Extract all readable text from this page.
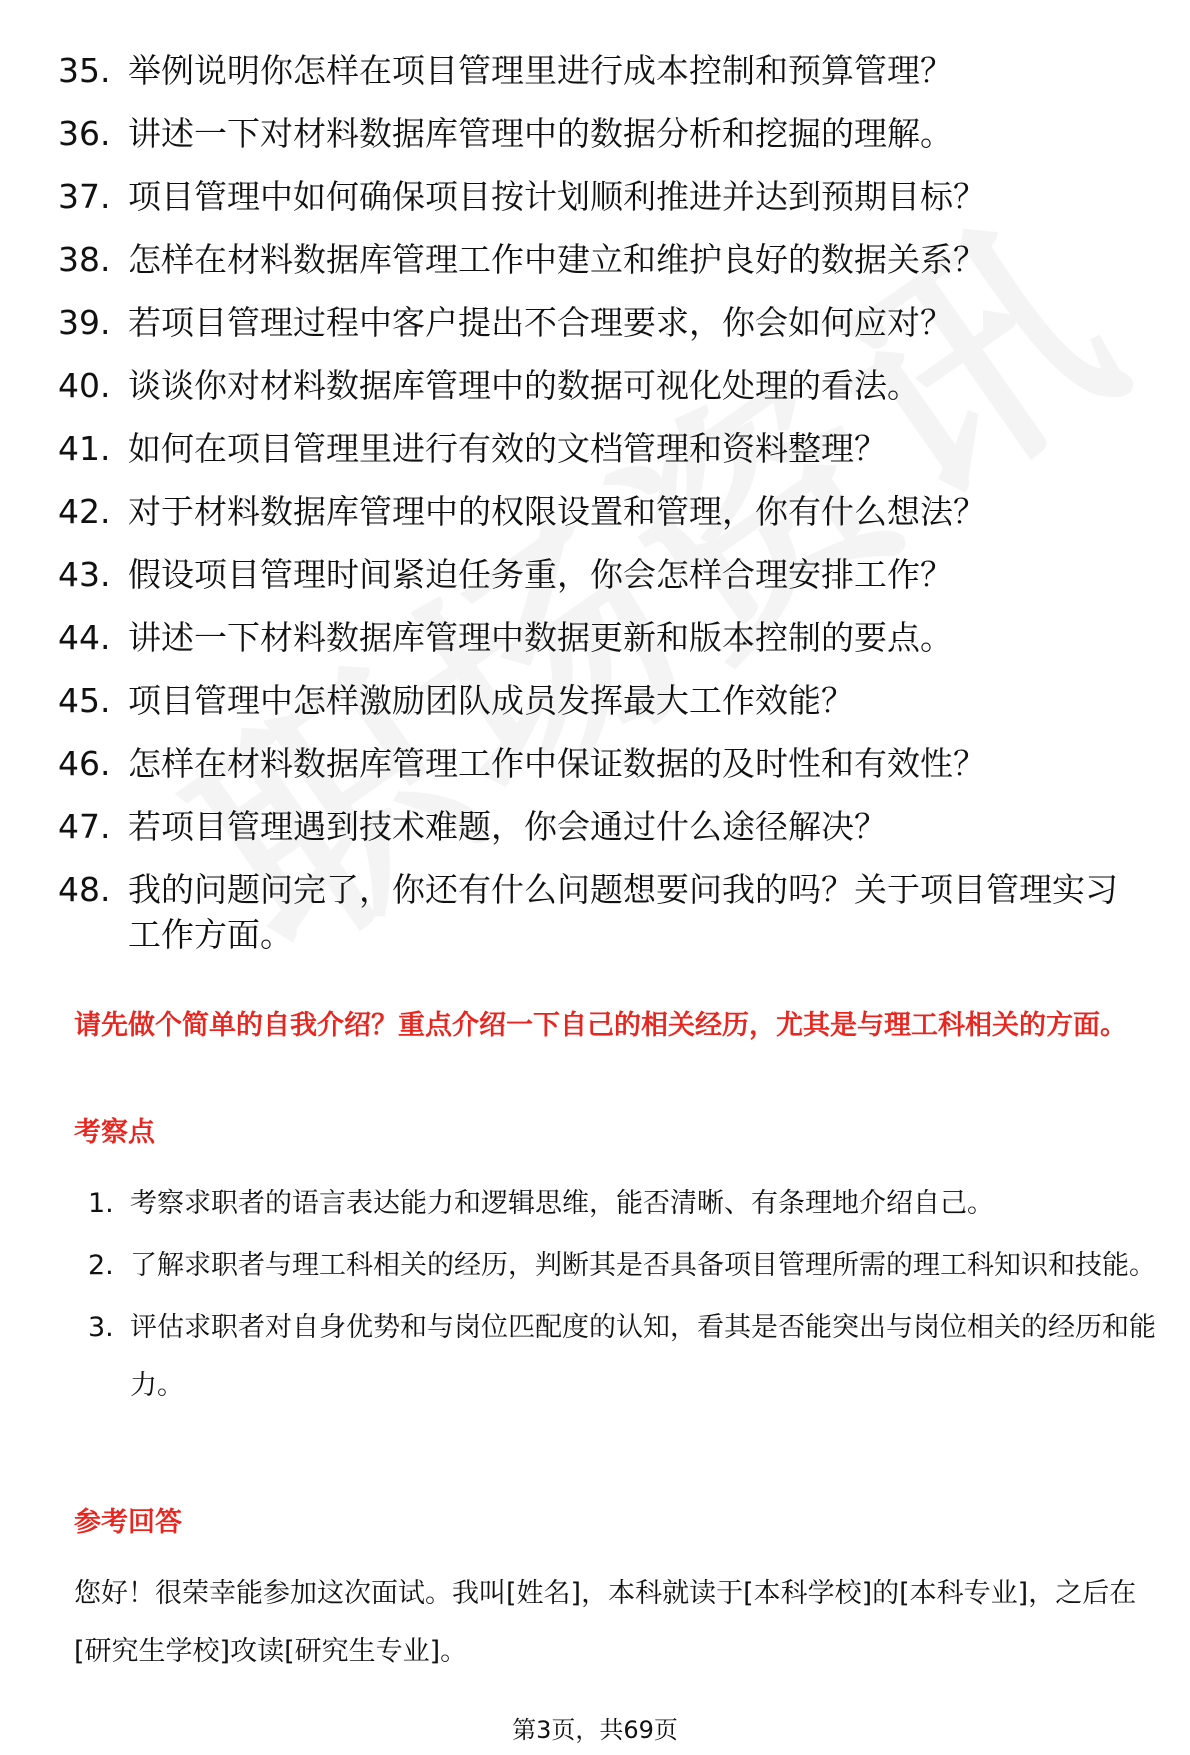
35. 举例说明你怎样在项目管理里进行成本控制和预算管理？
36. 讲述一下对材料数据库管理中的数据分析和挖掘的理解。
37. 项目管理中如何确保项目按计划顺利推进并达到预期目标？
38. 怎样在材料数据库管理工作中建立和维护良好的数据关系？
39. 若项目管理过程中客户提出不合理要求，你会如何应对？
40. 谈谈你对材料数据库管理中的数据可视化处理的看法。
41. 如何在项目管理里进行有效的文档管理和资料整理？
42. 对于材料数据库管理中的权限设置和管理，你有什么想法？
43. 假设项目管理时间紧迫任务重，你会怎样合理安排工作？
44. 讲述一下材料数据库管理中数据更新和版本控制的要点。
45. 项目管理中怎样激励团队成员发挥最大工作效能？
46. 怎样在材料数据库管理工作中保证数据的及时性和有效性？
47. 若项目管理遇到技术难题，你会通过什么途径解决？
48. 我的问题问完了，你还有什么问题想要问我的吗？关于项目管理实习工作方面。

请先做个简单的自我介绍？重点介绍一下自己的相关经历，尤其是与理工科相关的方面。

考察点

1. 考察求职者的语言表达能力和逻辑思维，能否清晰、有条理地介绍自己。
2. 了解求职者与理工科相关的经历，判断其是否具备项目管理所需的理工科知识和技能。
3. 评估求职者对自身优势和与岗位匹配度的认知，看其是否能突出与岗位相关的经历和能力。

参考回答

您好！很荣幸能参加这次面试。我叫[姓名]，本科就读于[本科学校]的[本科专业]，之后在[研究生学校]攻读[研究生专业]。

第3页，共69页
